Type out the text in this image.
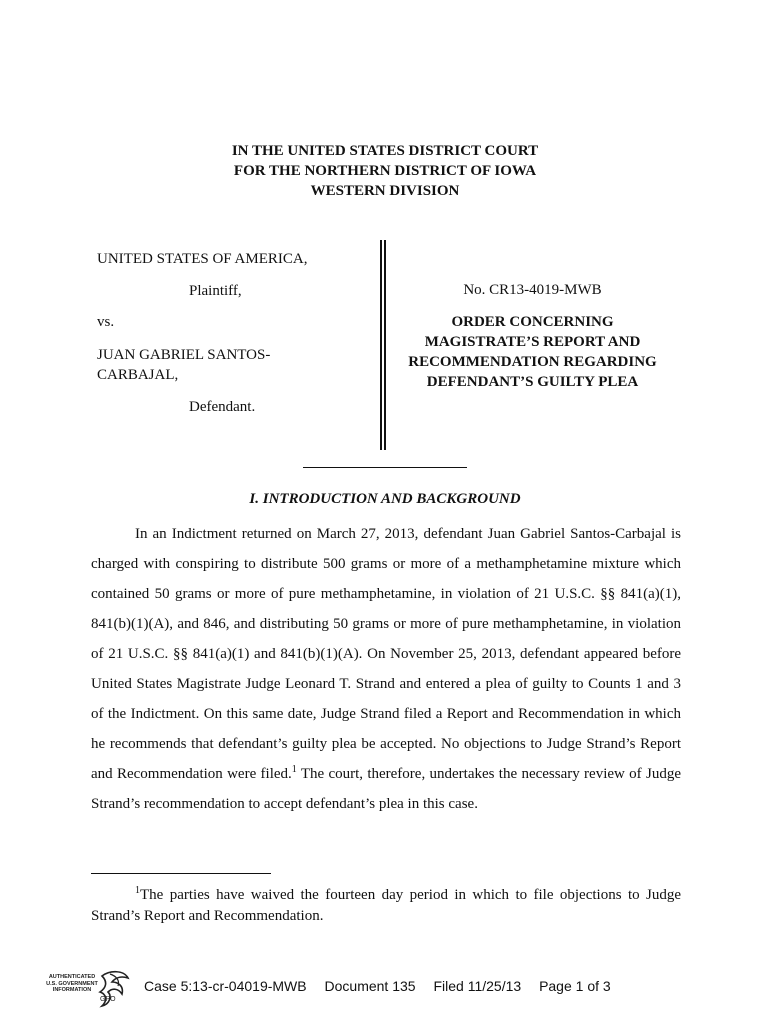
IN THE UNITED STATES DISTRICT COURT
FOR THE NORTHERN DISTRICT OF IOWA
WESTERN DIVISION
UNITED STATES OF AMERICA,
Plaintiff,
vs.
JUAN GABRIEL SANTOS-
CARBAJAL,
Defendant.
No. CR13-4019-MWB
ORDER CONCERNING
MAGISTRATE’S REPORT AND
RECOMMENDATION REGARDING
DEFENDANT’S GUILTY PLEA
I. INTRODUCTION AND BACKGROUND

In an Indictment returned on March 27, 2013, defendant Juan Gabriel Santos-Carbajal is charged with conspiring to distribute 500 grams or more of a methamphetamine mixture which contained 50 grams or more of pure methamphetamine, in violation of 21 U.S.C. §§ 841(a)(1), 841(b)(1)(A), and 846, and distributing 50 grams or more of pure methamphetamine, in violation of 21 U.S.C. §§ 841(a)(1) and 841(b)(1)(A). On November 25, 2013, defendant appeared before United States Magistrate Judge Leonard T. Strand and entered a plea of guilty to Counts 1 and 3 of the Indictment. On this same date, Judge Strand filed a Report and Recommendation in which he recommends that defendant’s guilty plea be accepted. No objections to Judge Strand’s Report and Recommendation were filed.$^1$ The court, therefore, undertakes the necessary review of Judge Strand’s recommendation to accept defendant’s plea in this case.

$^1$The parties have waived the fourteen day period in which to file objections to Judge Strand’s Report and Recommendation.

AUTHENTICATED
U.S. GOVERNMENT
INFORMATION
GPO
Case 5:13-cr-04019-MWB Document 135 Filed 11/25/13 Page 1 of 3
